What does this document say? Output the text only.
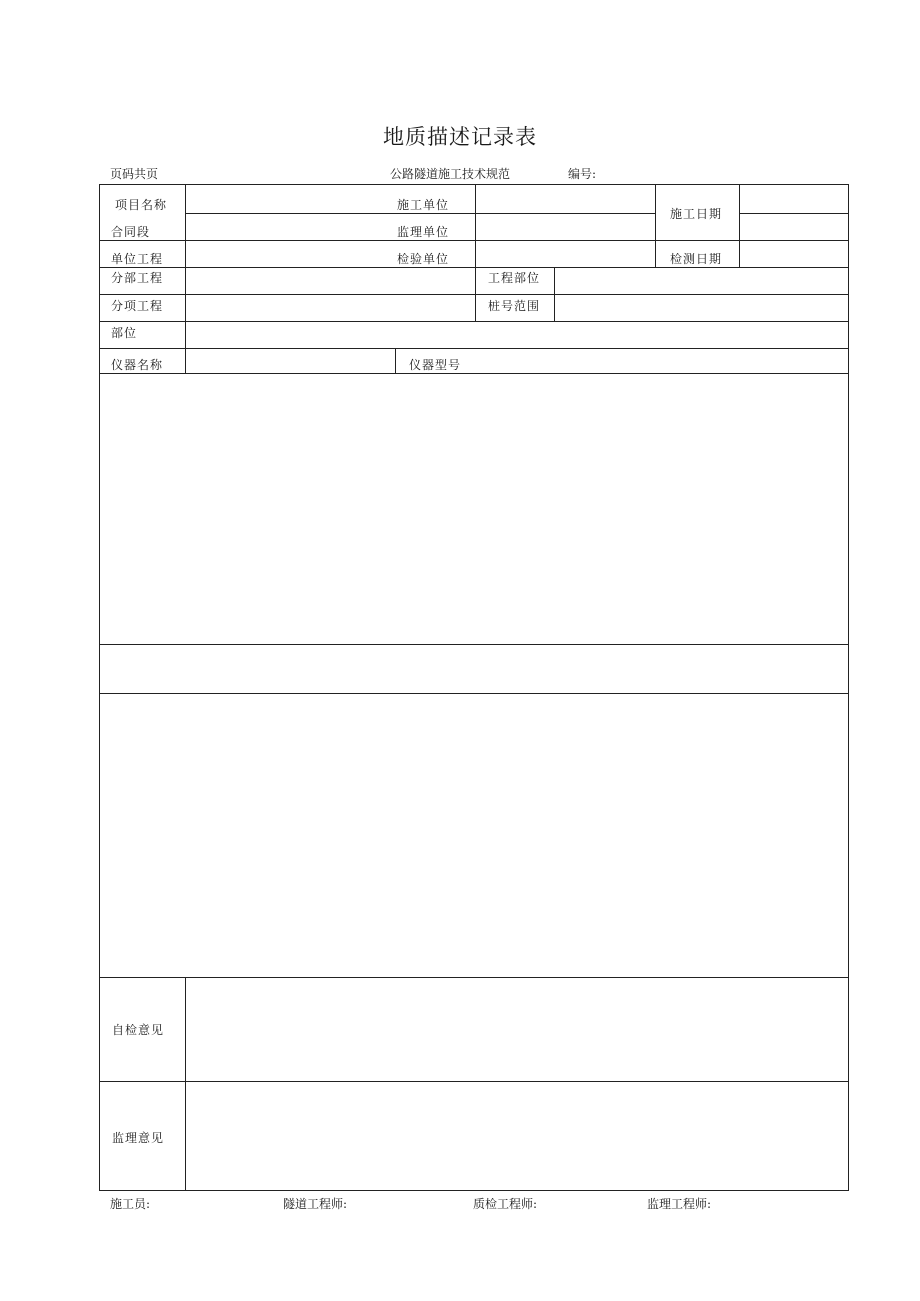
地质描述记录表
页码共页	公路隧道施工技术规范	编号:
项目名称	施工单位
施工日期
合同段	监理单位
单位工程	检验单位	检测日期
分部工程	工程部位
分项工程	桩号范围
部位
仪器名称	仪器型号
自检意见
监理意见
施工员:	隧道工程师:	质检工程师:	监理工程师:
